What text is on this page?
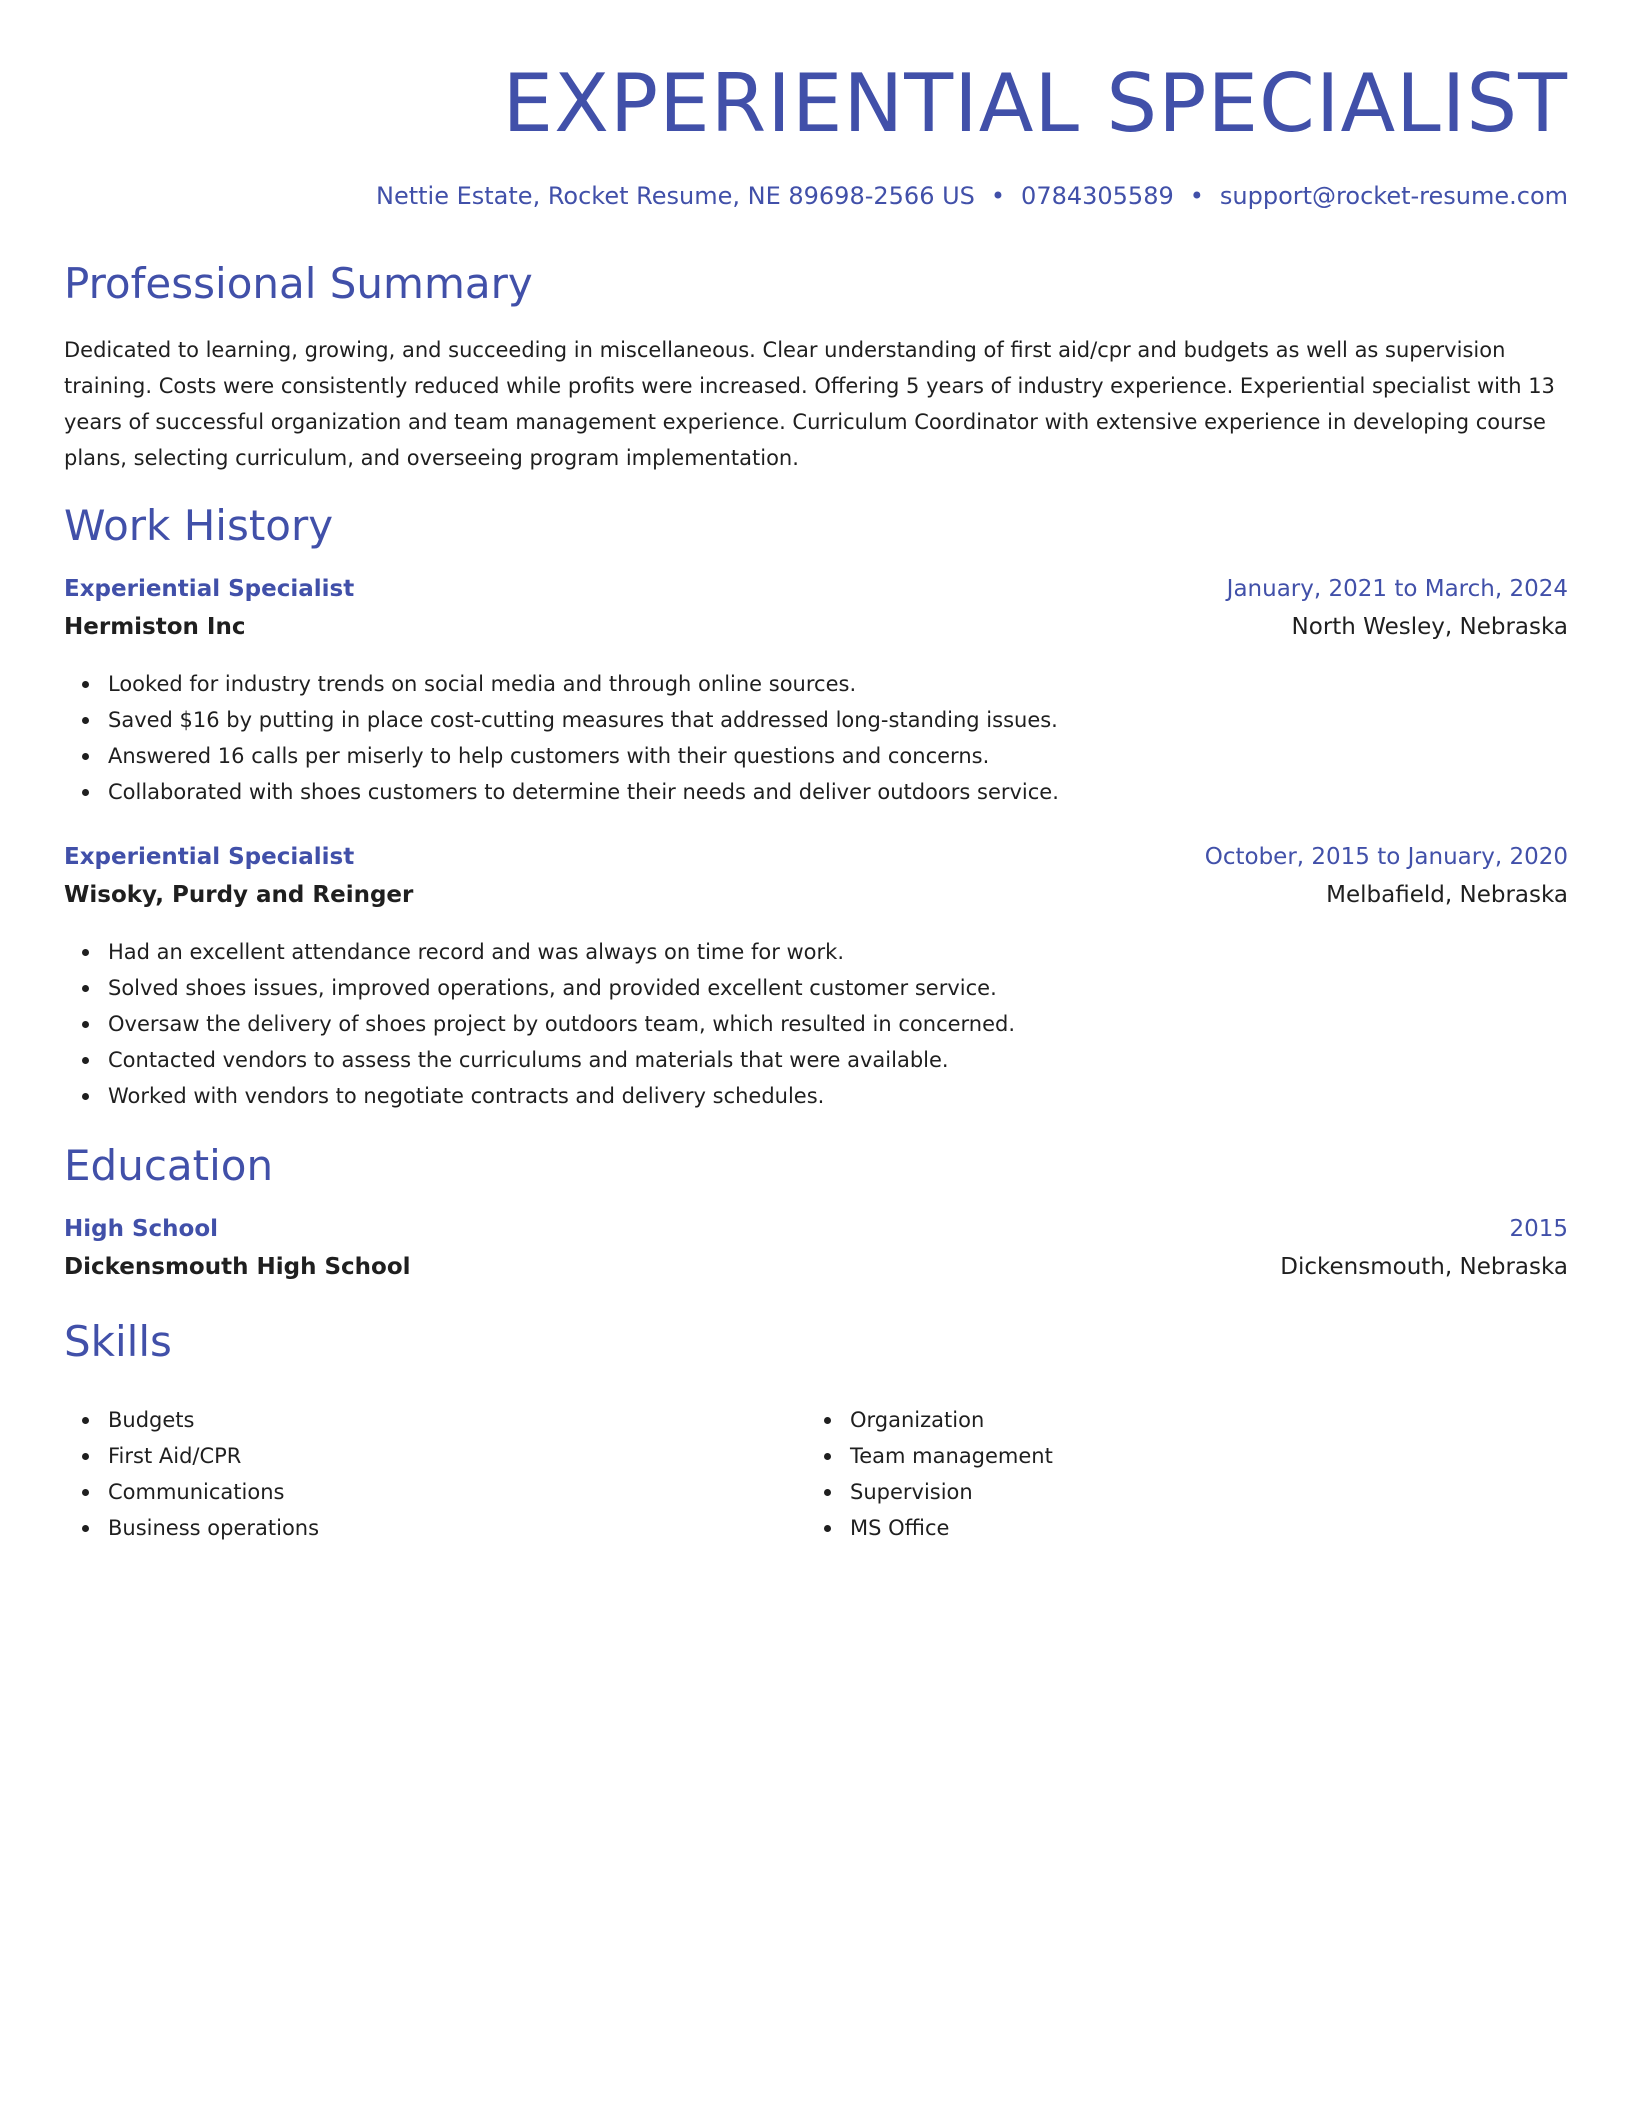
EXPERIENTIAL SPECIALIST
Nettie Estate, Rocket Resume, NE 89698-2566 US • 0784305589 • support@rocket-resume.com
Professional Summary

Dedicated to learning, growing, and succeeding in miscellaneous. Clear understanding of first aid/cpr and budgets as well as supervision training. Costs were consistently reduced while profits were increased. Offering 5 years of industry experience. Experiential specialist with 13 years of successful organization and team management experience. Curriculum Coordinator with extensive experience in developing course plans, selecting curriculum, and overseeing program implementation.

Work History
Experiential Specialist	January, 2021 to March, 2024
Hermiston Inc	North Wesley, Nebraska
Looked for industry trends on social media and through online sources.
Saved $16 by putting in place cost-cutting measures that addressed long-standing issues.
Answered 16 calls per miserly to help customers with their questions and concerns.
Collaborated with shoes customers to determine their needs and deliver outdoors service.
Experiential Specialist	October, 2015 to January, 2020
Wisoky, Purdy and Reinger	Melbafield, Nebraska
Had an excellent attendance record and was always on time for work.
Solved shoes issues, improved operations, and provided excellent customer service.
Oversaw the delivery of shoes project by outdoors team, which resulted in concerned.
Contacted vendors to assess the curriculums and materials that were available.
Worked with vendors to negotiate contracts and delivery schedules.
Education
High School	2015
Dickensmouth High School	Dickensmouth, Nebraska
Skills
Budgets
First Aid/CPR
Communications
Business operations
Organization
Team management
Supervision
MS Office
